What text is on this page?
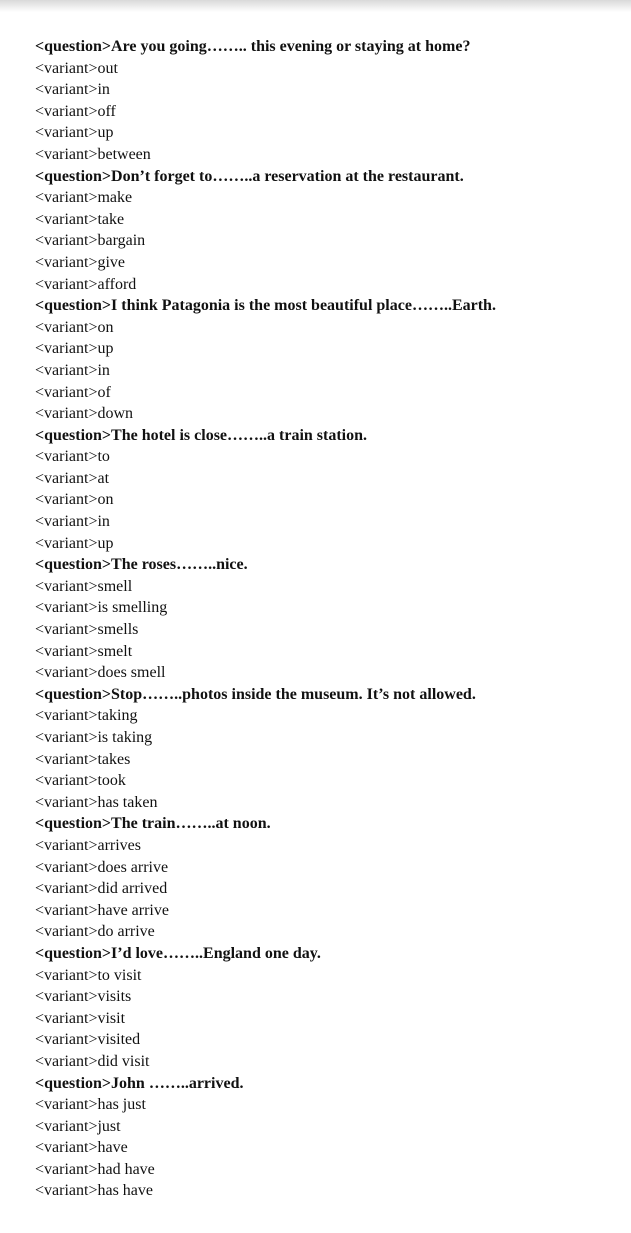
<question>Are you going…….. this evening or staying at home?
<variant>out
<variant>in
<variant>off
<variant>up
<variant>between
<question>Don’t forget to……..a reservation at the restaurant.
<variant>make
<variant>take
<variant>bargain
<variant>give
<variant>afford
<question>I think Patagonia is the most beautiful place……..Earth.
<variant>on
<variant>up
<variant>in
<variant>of
<variant>down
<question>The hotel is close……..a train station.
<variant>to
<variant>at
<variant>on
<variant>in
<variant>up
<question>The roses……..nice.
<variant>smell
<variant>is smelling
<variant>smells
<variant>smelt
<variant>does smell
<question>Stop……..photos inside the museum. It’s not allowed.
<variant>taking
<variant>is taking
<variant>takes
<variant>took
<variant>has taken
<question>The train……..at noon.
<variant>arrives
<variant>does arrive
<variant>did arrived
<variant>have arrive
<variant>do arrive
<question>I’d love……..England one day.
<variant>to visit
<variant>visits
<variant>visit
<variant>visited
<variant>did visit
<question>John ……..arrived.
<variant>has just
<variant>just
<variant>have
<variant>had have
<variant>has have
